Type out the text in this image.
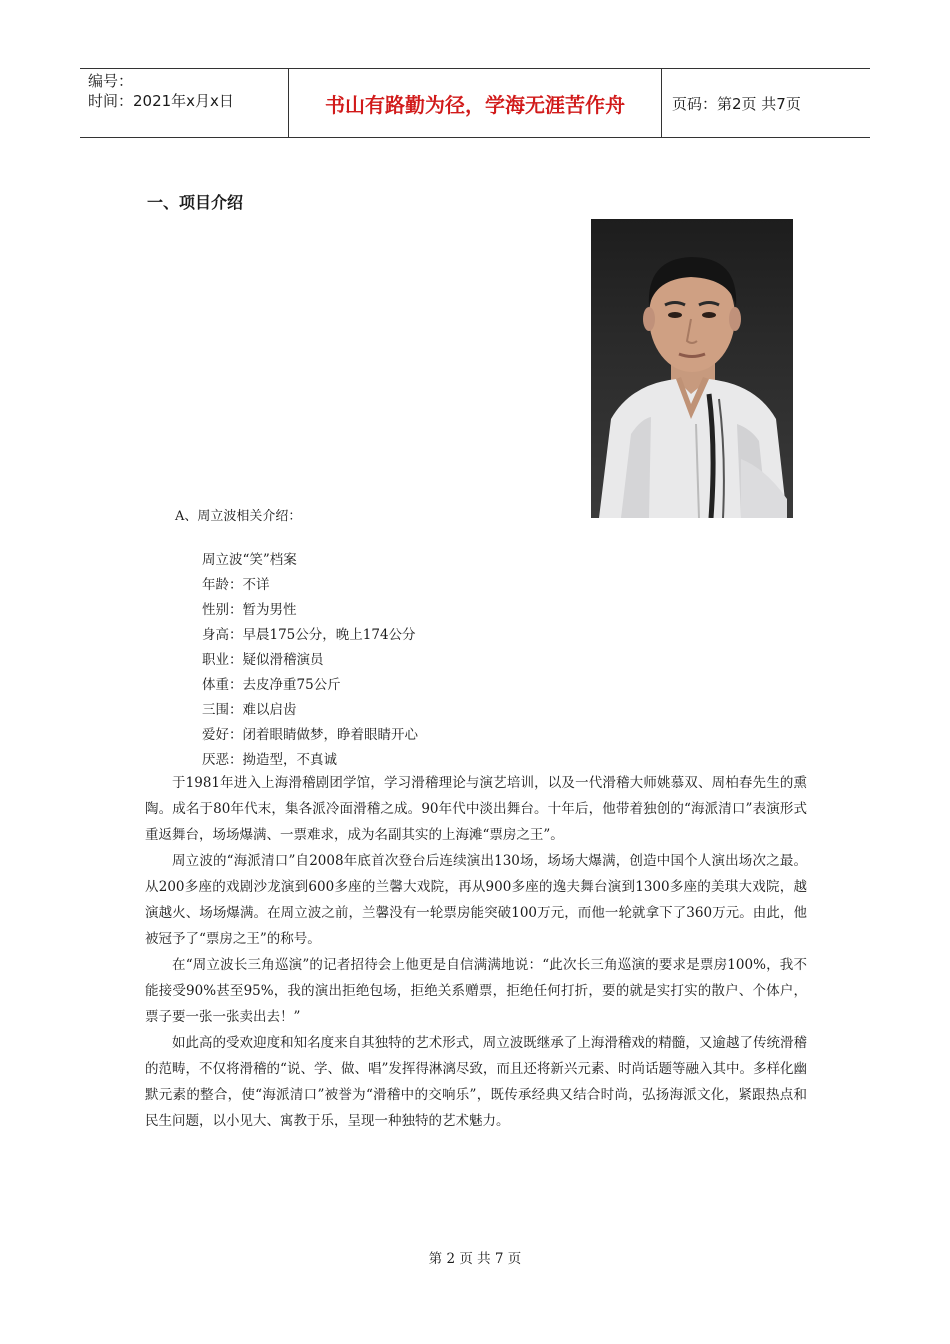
编号：
时间：2021年x月x日	书山有路勤为径，学海无涯苦作舟	页码：第2页 共7页
一、项目介绍
A、周立波相关介绍：
周立波“笑”档案
年龄：不详
性别：暂为男性
身高：早晨175公分，晚上174公分
职业：疑似滑稽演员
体重：去皮净重75公斤
三围：难以启齿
爱好：闭着眼睛做梦，睁着眼睛开心
厌恶：拗造型，不真诚

于1981年进入上海滑稽剧团学馆，学习滑稽理论与演艺培训，以及一代滑稽大师姚慕双、周柏春先生的熏陶。成名于80年代末，集各派冷面滑稽之成。90年代中淡出舞台。十年后，他带着独创的“海派清口”表演形式重返舞台，场场爆满、一票难求，成为名副其实的上海滩“票房之王”。

周立波的“海派清口”自2008年底首次登台后连续演出130场，场场大爆满，创造中国个人演出场次之最。从200多座的戏剧沙龙演到600多座的兰馨大戏院，再从900多座的逸夫舞台演到1300多座的美琪大戏院，越演越火、场场爆满。在周立波之前，兰馨没有一轮票房能突破100万元，而他一轮就拿下了360万元。由此，他被冠予了“票房之王”的称号。

在“周立波长三角巡演”的记者招待会上他更是自信满满地说：“此次长三角巡演的要求是票房100%，我不能接受90%甚至95%，我的演出拒绝包场，拒绝关系赠票，拒绝任何打折，要的就是实打实的散户、个体户，票子要一张一张卖出去！”

如此高的受欢迎度和知名度来自其独特的艺术形式，周立波既继承了上海滑稽戏的精髓，又逾越了传统滑稽的范畴，不仅将滑稽的“说、学、做、唱”发挥得淋漓尽致，而且还将新兴元素、时尚话题等融入其中。多样化幽默元素的整合，使“海派清口”被誉为“滑稽中的交响乐”，既传承经典又结合时尚，弘扬海派文化，紧跟热点和民生问题，以小见大、寓教于乐，呈现一种独特的艺术魅力。

第 2 页 共 7 页
